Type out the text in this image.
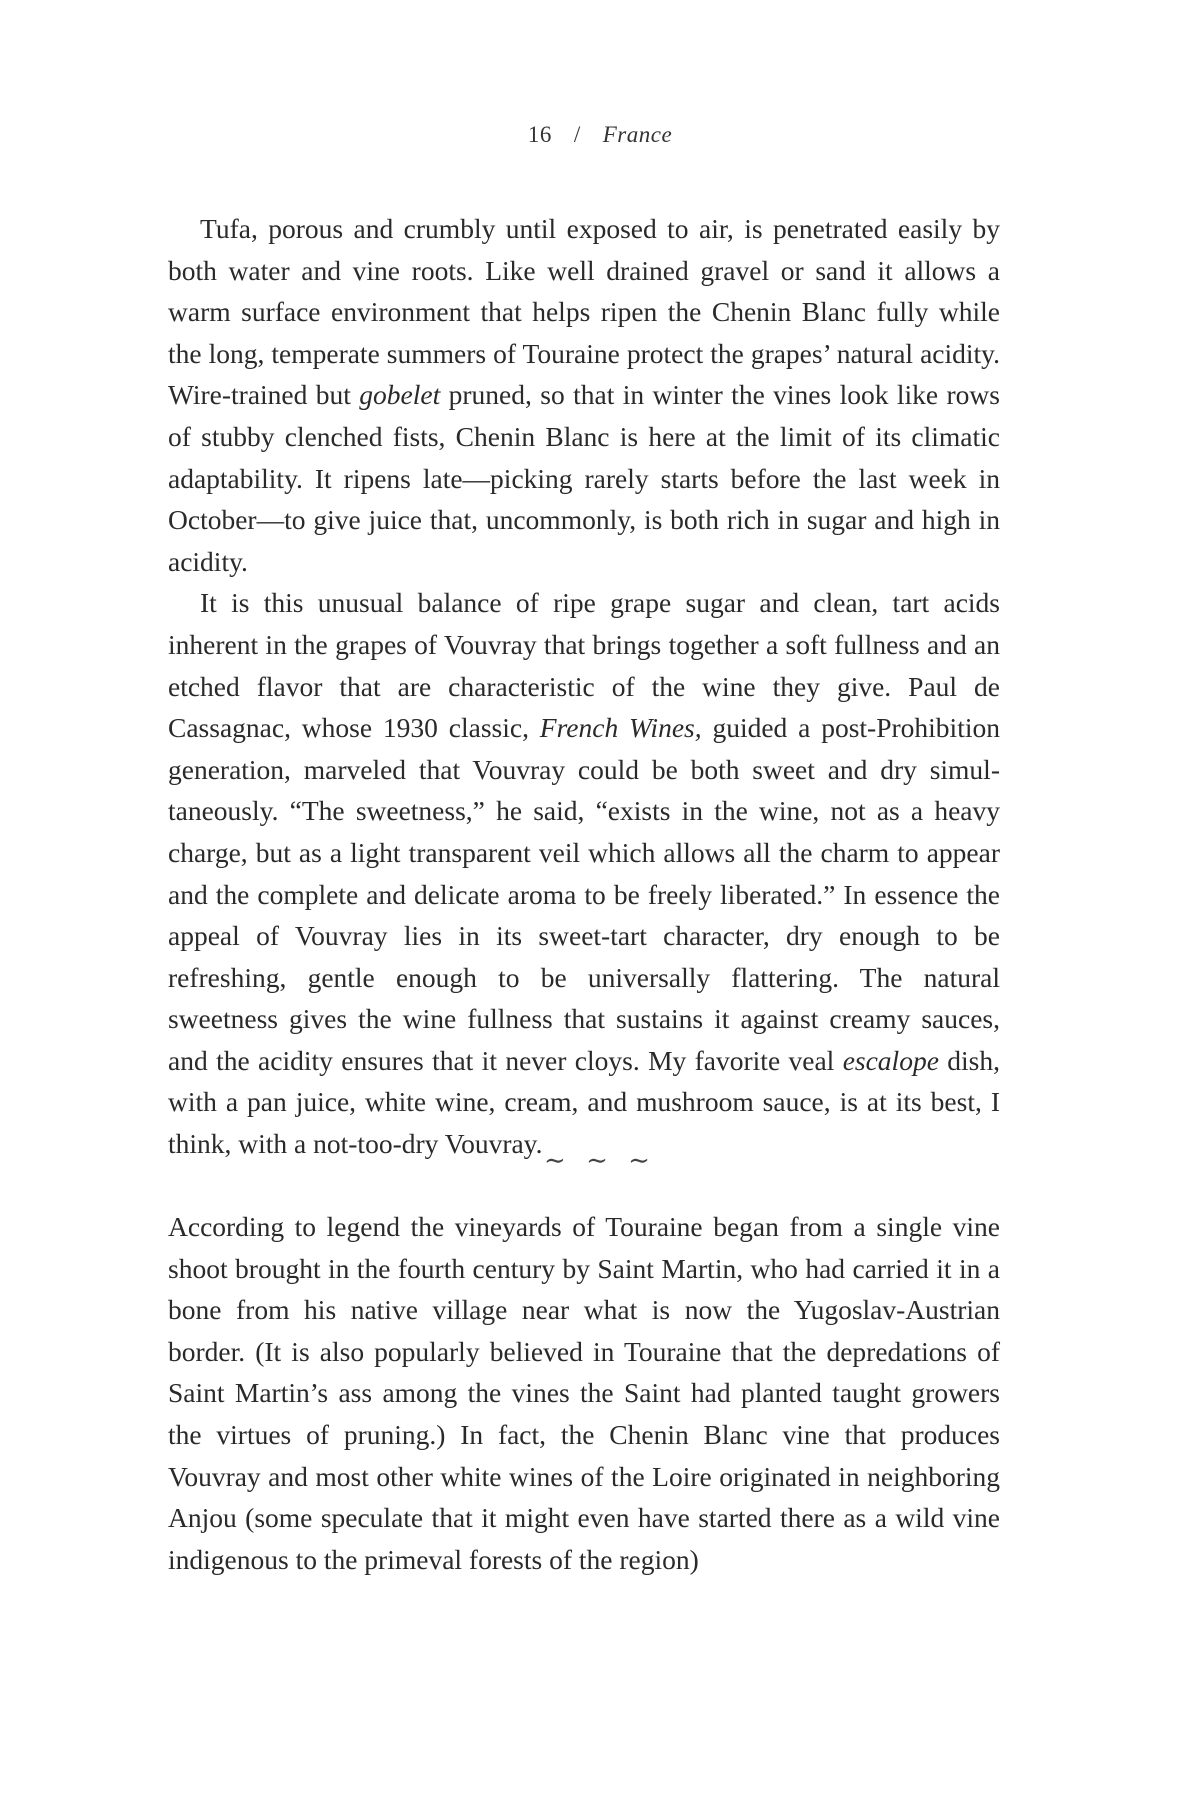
16 / France

Tufa, porous and crumbly until exposed to air, is penetrated easily by both water and vine roots. Like well drained gravel or sand it allows a warm surface environment that helps ripen the Chenin Blanc fully while the long, temperate summers of Touraine protect the grapes’ natural acidity. Wire-trained but gobelet pruned, so that in winter the vines look like rows of stubby clenched fists, Chenin Blanc is here at the limit of its climatic adaptability. It ripens late—picking rarely starts before the last week in October—to give juice that, uncommonly, is both rich in sugar and high in acidity.

It is this unusual balance of ripe grape sugar and clean, tart acids inherent in the grapes of Vouvray that brings together a soft fullness and an etched flavor that are characteristic of the wine they give. Paul de Cassagnac, whose 1930 classic, French Wines, guided a post-Prohibition generation, marveled that Vouvray could be both sweet and dry simultaneously. “The sweetness,” he said, “exists in the wine, not as a heavy charge, but as a light transparent veil which allows all the charm to appear and the complete and delicate aroma to be freely liberated.” In essence the appeal of Vouvray lies in its sweet-tart character, dry enough to be refreshing, gentle enough to be universally flattering. The natural sweetness gives the wine fullness that sustains it against creamy sauces, and the acidity ensures that it never cloys. My favorite veal escalope dish, with a pan juice, white wine, cream, and mushroom sauce, is at its best, I think, with a not-too-dry Vouvray.

∼ ∼ ∼

According to legend the vineyards of Touraine began from a single vine shoot brought in the fourth century by Saint Martin, who had carried it in a bone from his native village near what is now the Yugoslav-Austrian border. (It is also popularly believed in Touraine that the depredations of Saint Martin’s ass among the vines the Saint had planted taught growers the virtues of pruning.) In fact, the Chenin Blanc vine that produces Vouvray and most other white wines of the Loire originated in neighboring Anjou (some speculate that it might even have started there as a wild vine indigenous to the primeval forests of the region)
